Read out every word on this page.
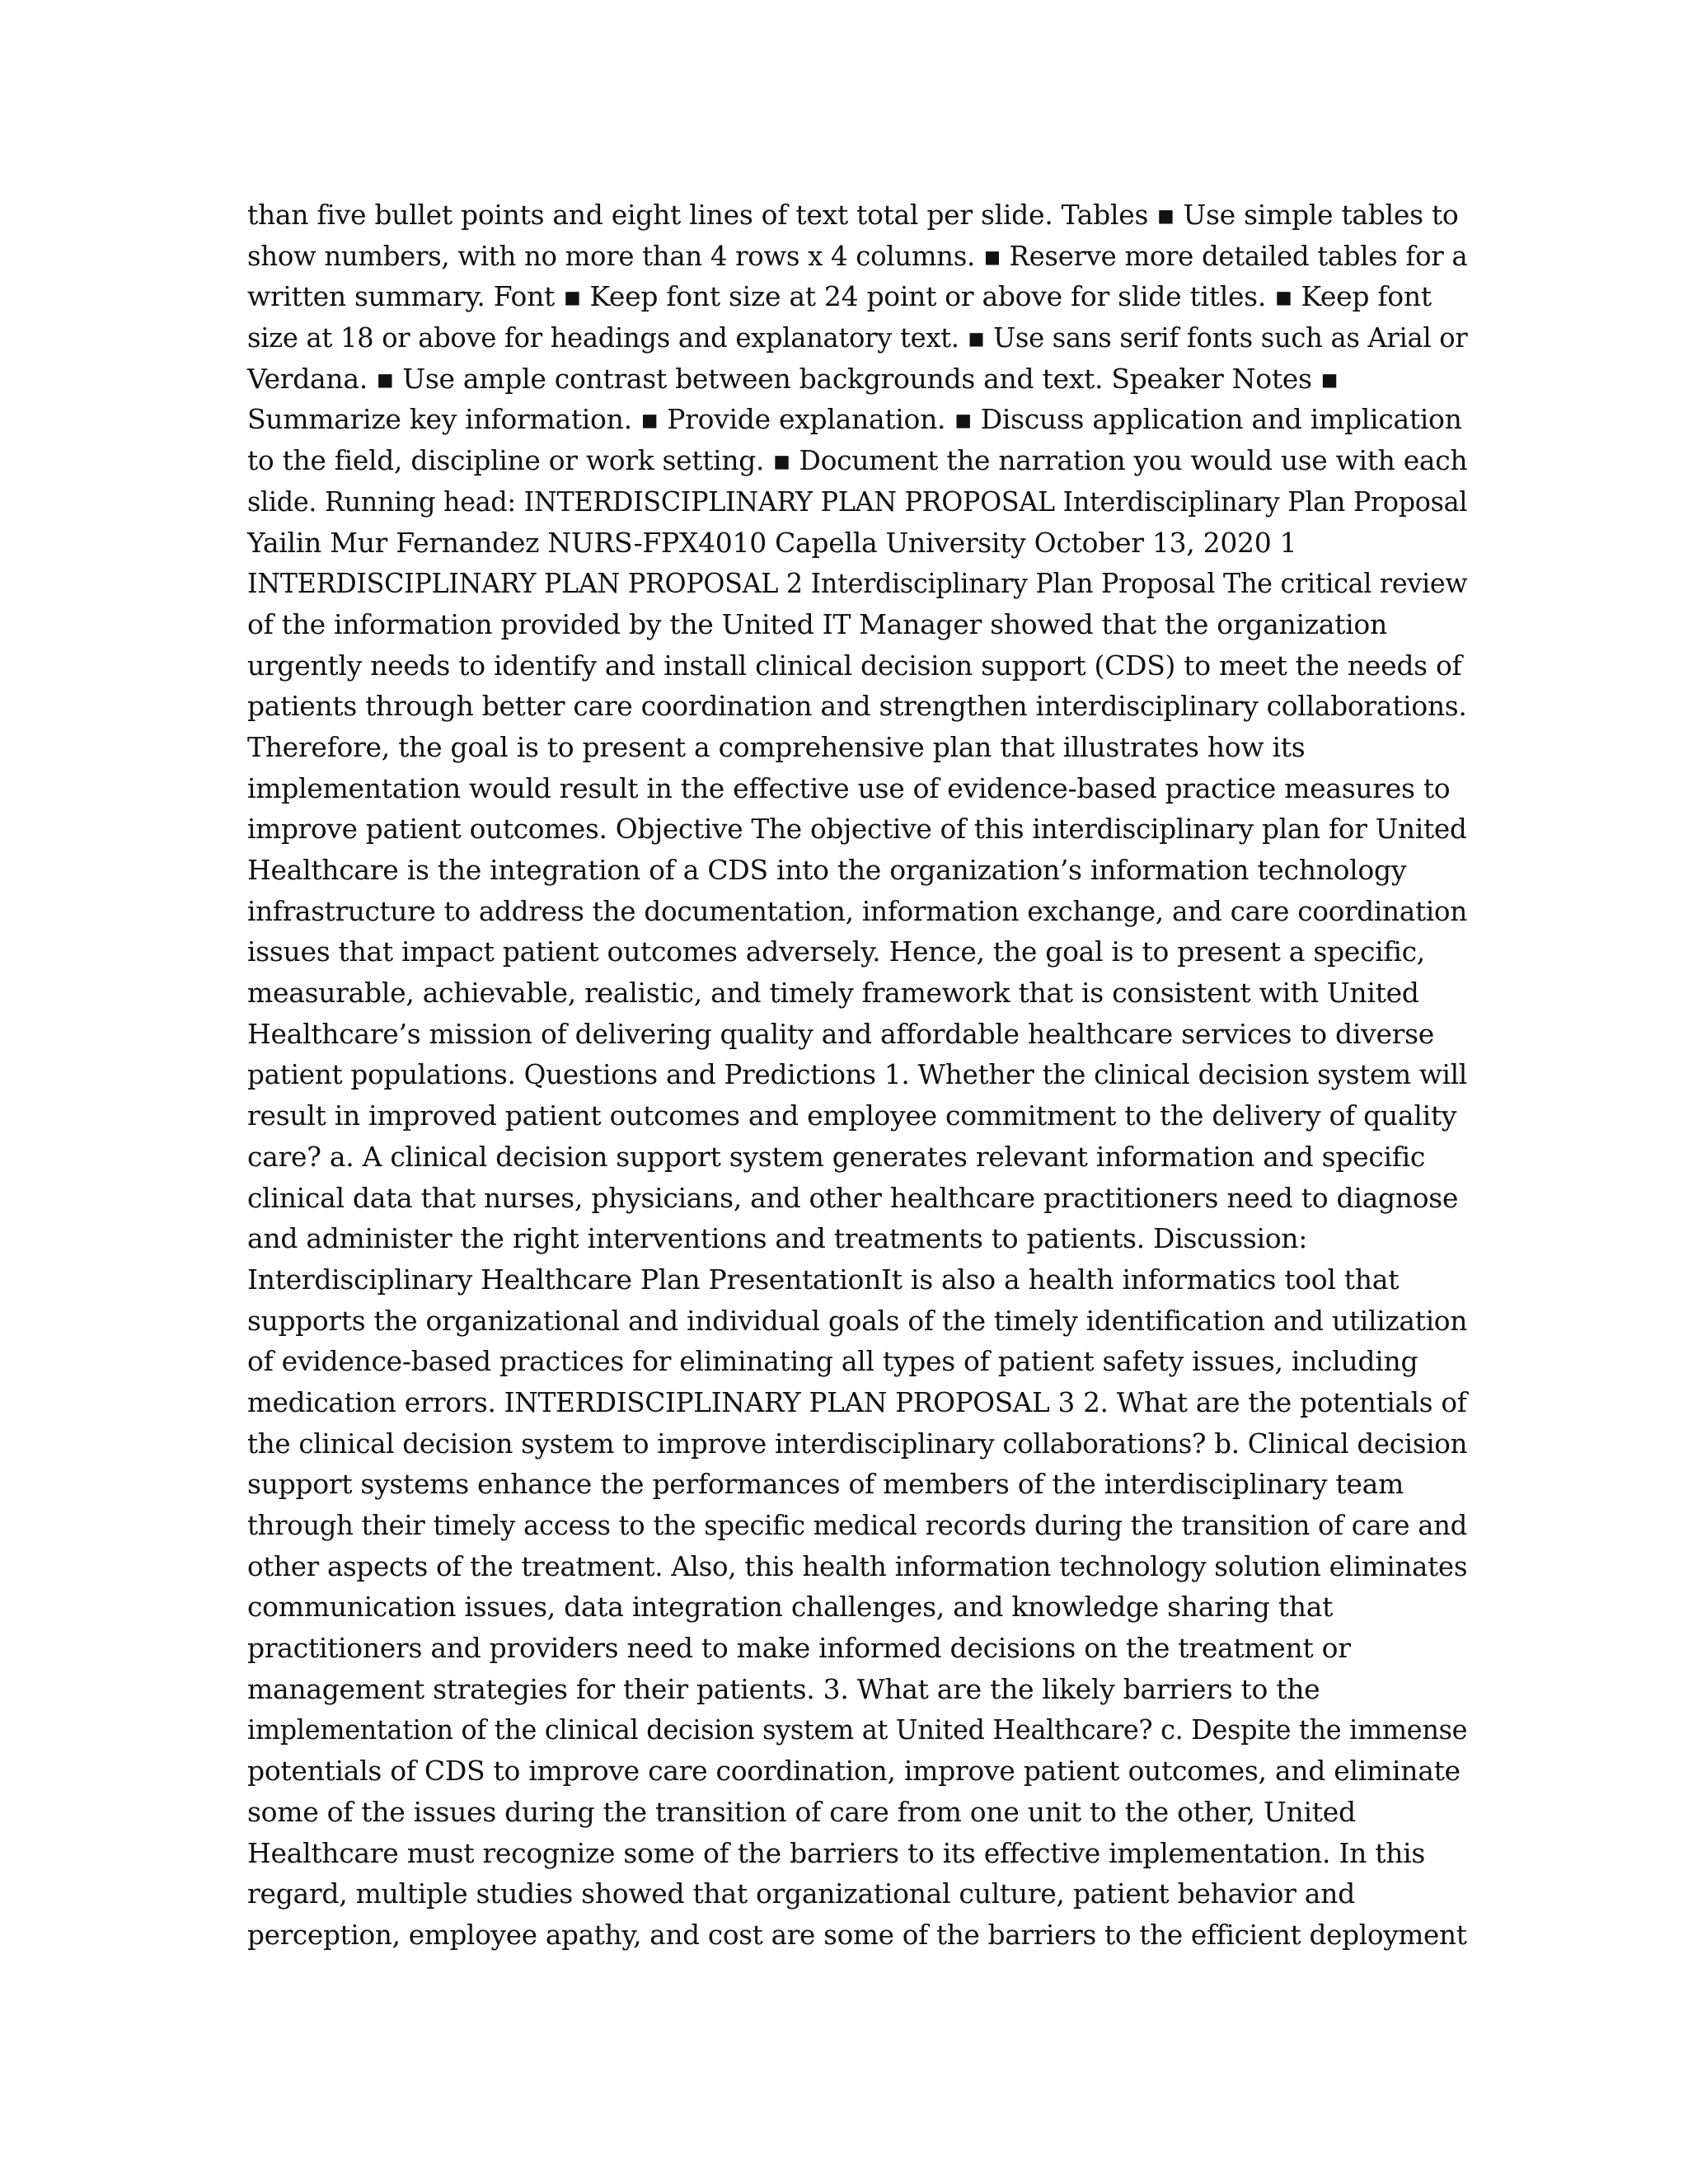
than five bullet points and eight lines of text total per slide. Tables ▪ Use simple tables to
show numbers, with no more than 4 rows x 4 columns. ▪ Reserve more detailed tables for a
written summary. Font ▪ Keep font size at 24 point or above for slide titles. ▪ Keep font
size at 18 or above for headings and explanatory text. ▪ Use sans serif fonts such as Arial or
Verdana. ▪ Use ample contrast between backgrounds and text. Speaker Notes ▪
Summarize key information. ▪ Provide explanation. ▪ Discuss application and implication
to the field, discipline or work setting. ▪ Document the narration you would use with each
slide. Running head: INTERDISCIPLINARY PLAN PROPOSAL Interdisciplinary Plan Proposal
Yailin Mur Fernandez NURS-FPX4010 Capella University October 13, 2020 1
INTERDISCIPLINARY PLAN PROPOSAL 2 Interdisciplinary Plan Proposal The critical review
of the information provided by the United IT Manager showed that the organization
urgently needs to identify and install clinical decision support (CDS) to meet the needs of
patients through better care coordination and strengthen interdisciplinary collaborations.
Therefore, the goal is to present a comprehensive plan that illustrates how its
implementation would result in the effective use of evidence-based practice measures to
improve patient outcomes. Objective The objective of this interdisciplinary plan for United
Healthcare is the integration of a CDS into the organization’s information technology
infrastructure to address the documentation, information exchange, and care coordination
issues that impact patient outcomes adversely. Hence, the goal is to present a specific,
measurable, achievable, realistic, and timely framework that is consistent with United
Healthcare’s mission of delivering quality and affordable healthcare services to diverse
patient populations. Questions and Predictions 1. Whether the clinical decision system will
result in improved patient outcomes and employee commitment to the delivery of quality
care? a. A clinical decision support system generates relevant information and specific
clinical data that nurses, physicians, and other healthcare practitioners need to diagnose
and administer the right interventions and treatments to patients. Discussion:
Interdisciplinary Healthcare Plan PresentationIt is also a health informatics tool that
supports the organizational and individual goals of the timely identification and utilization
of evidence-based practices for eliminating all types of patient safety issues, including
medication errors. INTERDISCIPLINARY PLAN PROPOSAL 3 2. What are the potentials of
the clinical decision system to improve interdisciplinary collaborations? b. Clinical decision
support systems enhance the performances of members of the interdisciplinary team
through their timely access to the specific medical records during the transition of care and
other aspects of the treatment. Also, this health information technology solution eliminates
communication issues, data integration challenges, and knowledge sharing that
practitioners and providers need to make informed decisions on the treatment or
management strategies for their patients. 3. What are the likely barriers to the
implementation of the clinical decision system at United Healthcare? c. Despite the immense
potentials of CDS to improve care coordination, improve patient outcomes, and eliminate
some of the issues during the transition of care from one unit to the other, United
Healthcare must recognize some of the barriers to its effective implementation. In this
regard, multiple studies showed that organizational culture, patient behavior and
perception, employee apathy, and cost are some of the barriers to the efficient deployment
